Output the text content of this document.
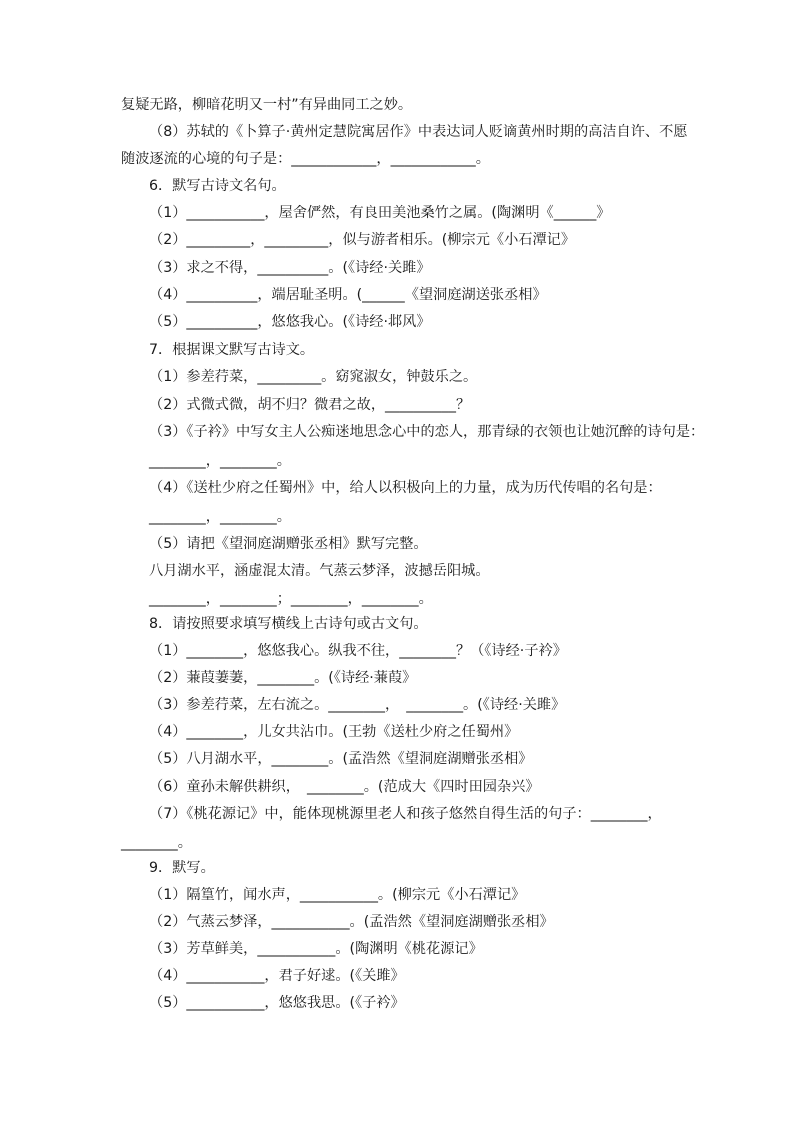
复疑无路，柳暗花明又一村”有异曲同工之妙。
（8）苏轼的《卜算子·黄州定慧院寓居作》中表达词人贬谪黄州时期的高洁自许、不愿
随波逐流的心境的句子是：____________，____________。
6．默写古诗文名句。
（1）___________，屋舍俨然，有良田美池桑竹之属。(陶渊明《______》
（2）_________，_________，似与游者相乐。(柳宗元《小石潭记》
（3）求之不得，__________。(《诗经·关雎》
（4）__________，端居耻圣明。(______《望洞庭湖送张丞相》
（5）__________，悠悠我心。(《诗经·邶风》
7．根据课文默写古诗文。
（1）参差荇菜，_________。窈窕淑女，钟鼓乐之。
（2）式微式微，胡不归？微君之故，__________？
（3）《子衿》中写女主人公痴迷地思念心中的恋人，那青绿的衣领也让她沉醉的诗句是：
________，________。
（4）《送杜少府之任蜀州》中，给人以积极向上的力量，成为历代传唱的名句是：
________，________。
（5）请把《望洞庭湖赠张丞相》默写完整。
八月湖水平，涵虚混太清。气蒸云梦泽，波撼岳阳城。
________，________；________，________。
8．请按照要求填写横线上古诗句或古文句。
（1）________，悠悠我心。纵我不往，________？（《诗经·子衿》
（2）蒹葭萋萋，________。(《诗经·蒹葭》
（3）参差荇菜，左右流之。________，　________。(《诗经·关雎》
（4）________，儿女共沾巾。(王勃《送杜少府之任蜀州》
（5）八月湖水平，________。(孟浩然《望洞庭湖赠张丞相》
（6）童孙未解供耕织，　________。(范成大《四时田园杂兴》
（7）《桃花源记》中，能体现桃源里老人和孩子悠然自得生活的句子：________，
________。
9．默写。
（1）隔篁竹，闻水声，___________。(柳宗元《小石潭记》
（2）气蒸云梦泽，___________。(孟浩然《望洞庭湖赠张丞相》
（3）芳草鲜美，___________。(陶渊明《桃花源记》
（4）___________，君子好逑。(《关雎》
（5）___________，悠悠我思。(《子衿》
